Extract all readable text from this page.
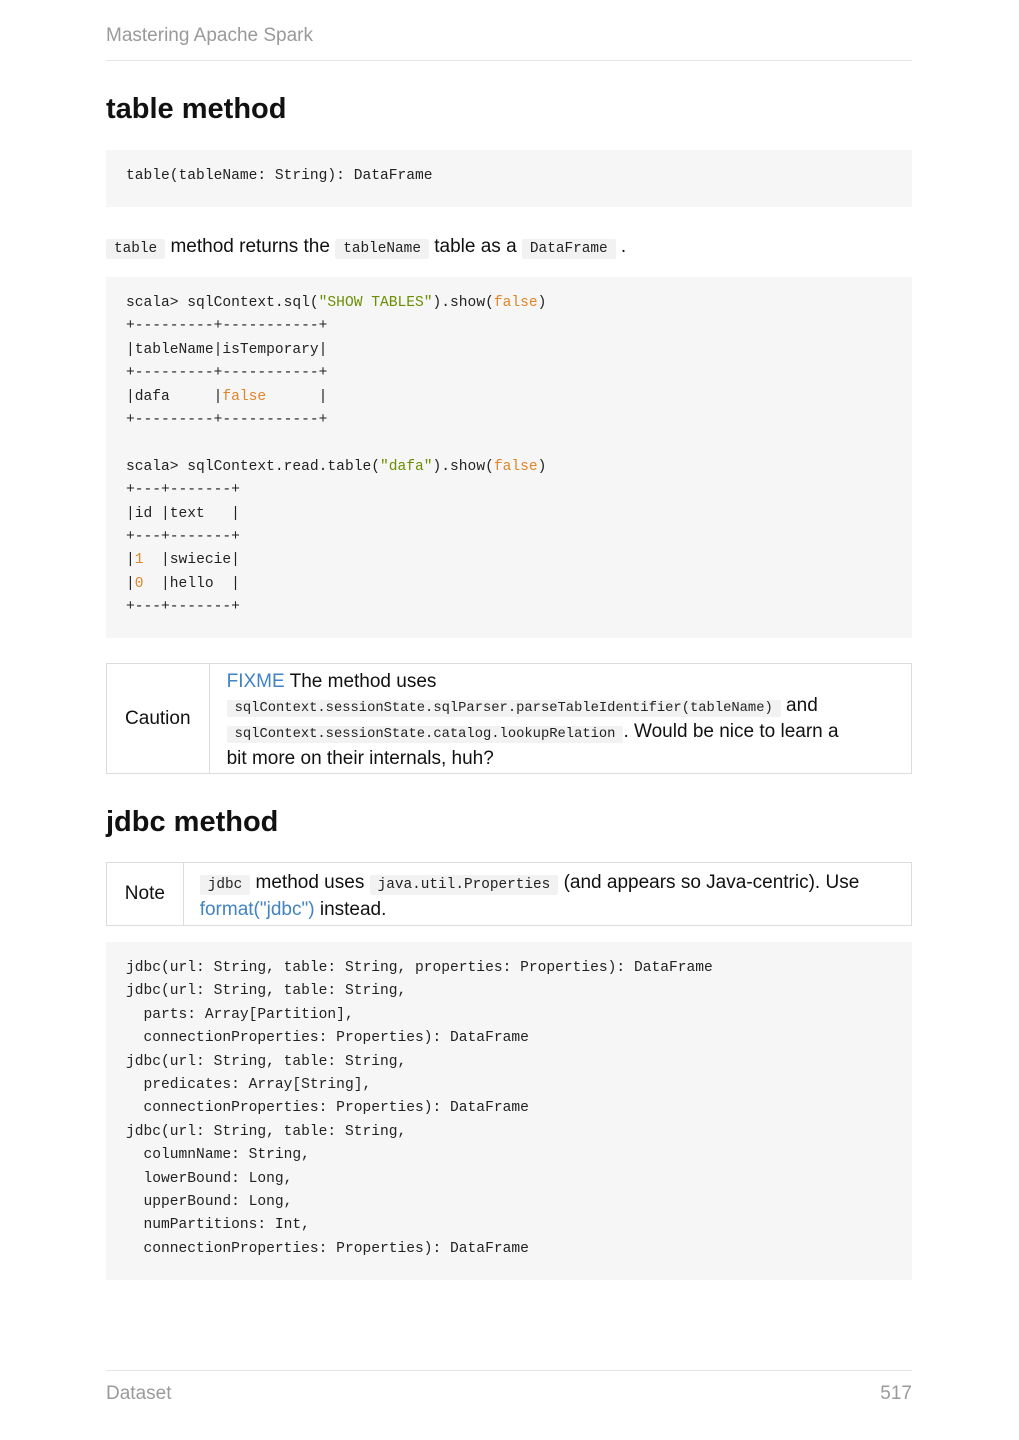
Mastering Apache Spark
table method
table(tableName: String): DataFrame
table method returns the tableName table as a DataFrame .
scala> sqlContext.sql("SHOW TABLES").show(false)
+---------+-----------+
|tableName|isTemporary|
+---------+-----------+
|dafa     |false      |
+---------+-----------+
scala> sqlContext.read.table("dafa").show(false)
+---+-------+
|id |text   |
+---+-------+
|1  |swiecie|
|0  |hello  |
+---+-------+
Caution
FIXME The method uses
sqlContext.sessionState.sqlParser.parseTableIdentifier(tableName) and
sqlContext.sessionState.catalog.lookupRelation . Would be nice to learn a
bit more on their internals, huh?
jdbc method
Note	jdbc method uses java.util.Properties (and appears so Java-centric). Use
format("jdbc") instead.
jdbc(url: String, table: String, properties: Properties): DataFrame
jdbc(url: String, table: String,
parts: Array[Partition],
connectionProperties: Properties): DataFrame
jdbc(url: String, table: String,
predicates: Array[String],
connectionProperties: Properties): DataFrame
jdbc(url: String, table: String,
columnName: String,
lowerBound: Long,
upperBound: Long,
numPartitions: Int,
connectionProperties: Properties): DataFrame
Dataset	517
